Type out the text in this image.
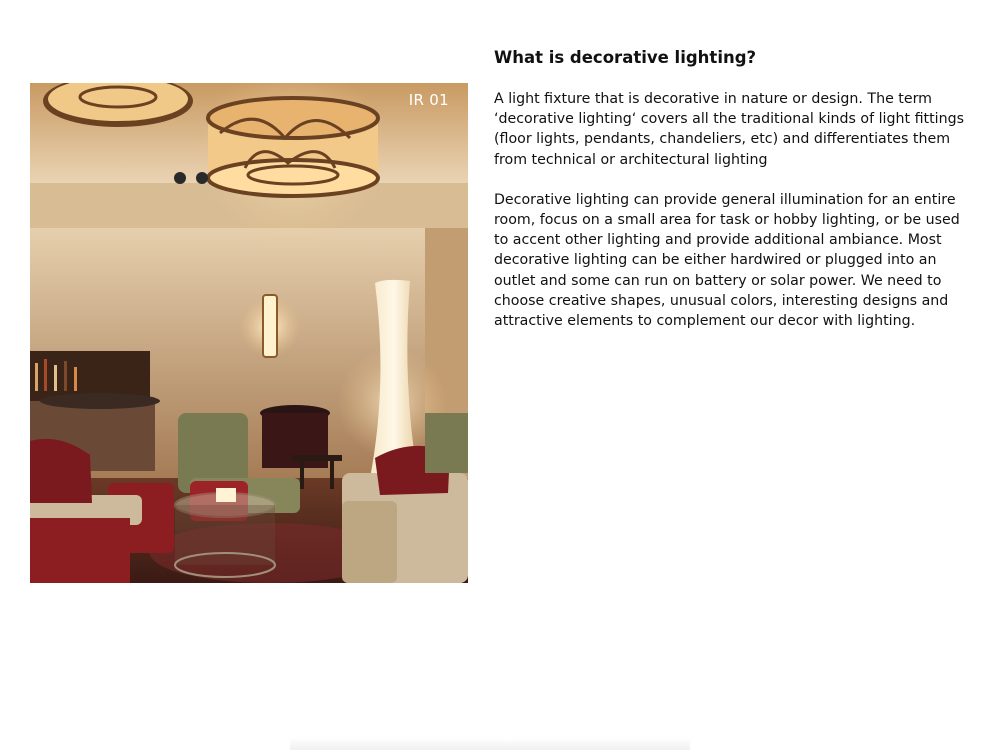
IR 01
What is decorative lighting?

A light fixture that is decorative in nature or design. The term ‘decorative lighting‘ covers all the traditional kinds of light fittings (floor lights, pendants, chandeliers, etc) and differentiates them from technical or architectural lighting

Decorative lighting can provide general illumination for an entire room, focus on a small area for task or hobby lighting, or be used to accent other lighting and provide additional ambiance. Most decorative lighting can be either hardwired or plugged into an outlet and some can run on battery or solar power. We need to choose creative shapes, unusual colors, interesting designs and attractive elements to complement our decor with lighting.
